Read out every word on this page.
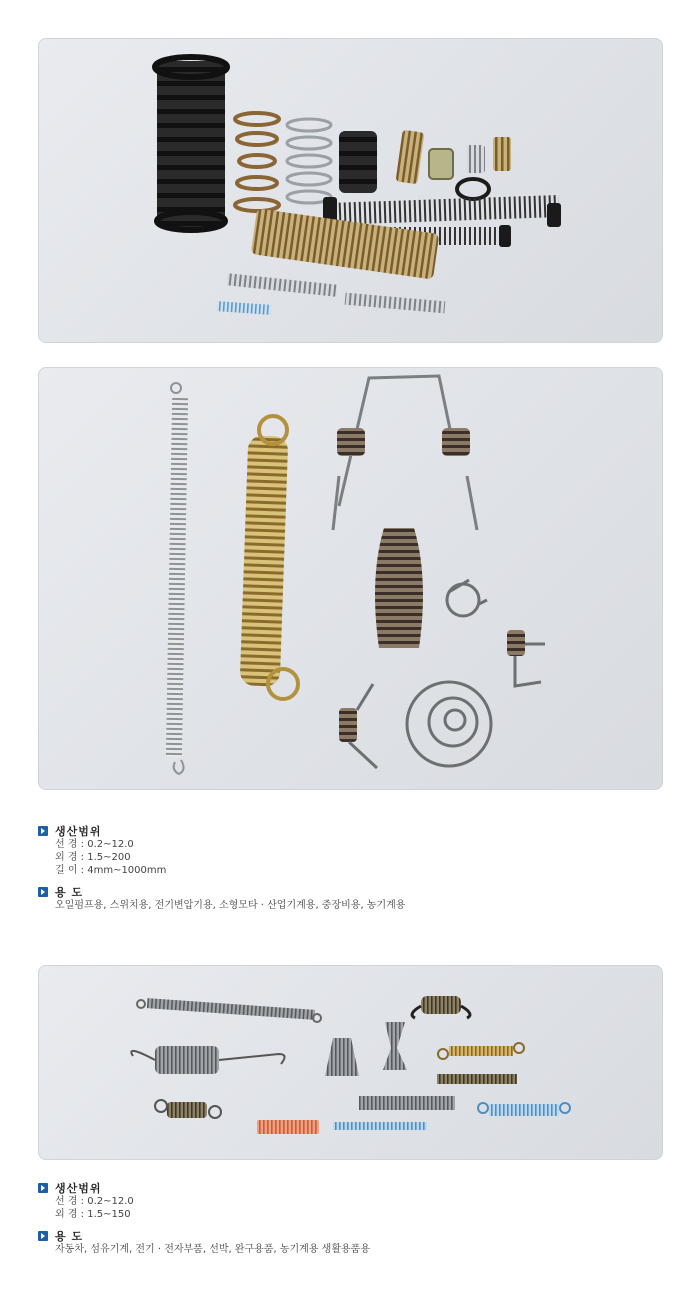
생산범위
선 경 : 0.2~12.0
외 경 : 1.5~200
길 이 : 4mm~1000mm
용 도
오일펌프용, 스위치용, 전기변압기용, 소형모타 · 산업기계용, 중장비용, 농기계용
생산범위
선 경 : 0.2~12.0
외 경 : 1.5~150
용 도
자동차, 섬유기계, 전기 · 전자부품, 선박, 완구용품, 농기계용 생활용품용
